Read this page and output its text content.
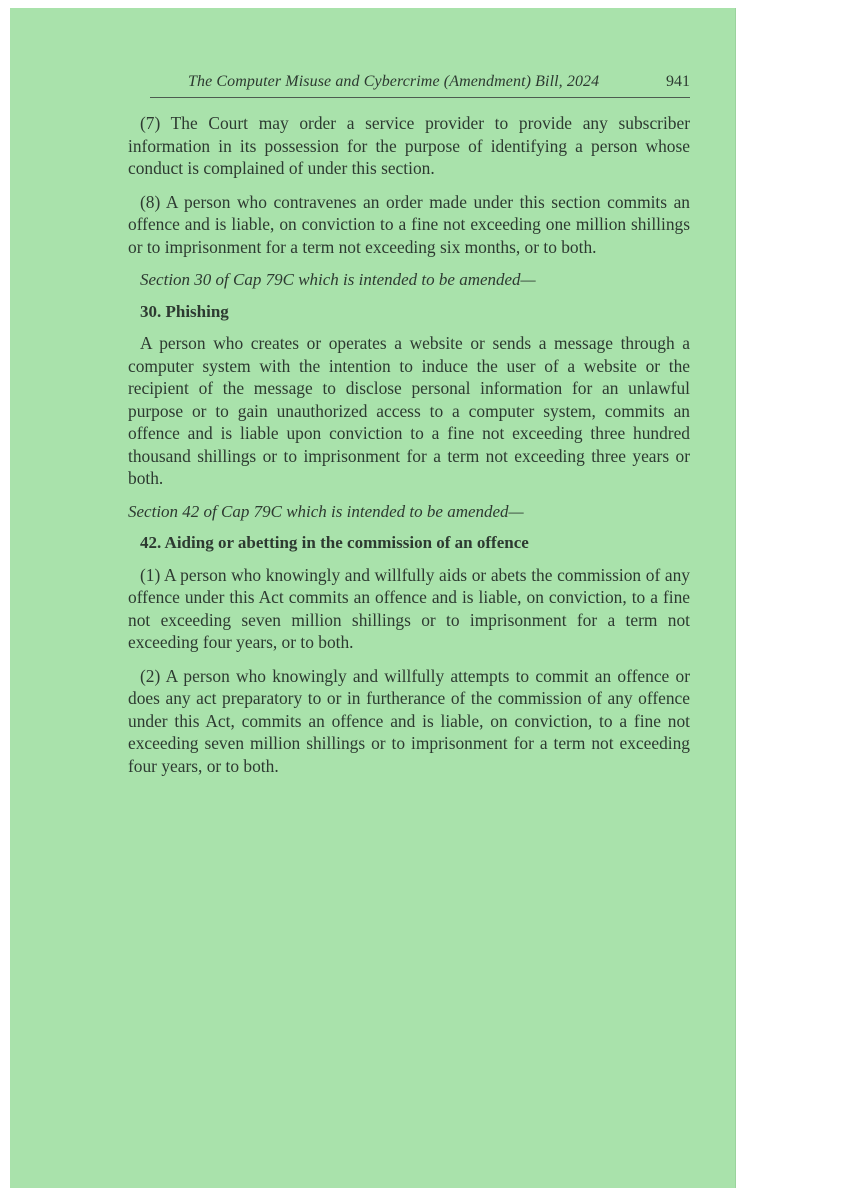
The Computer Misuse and Cybercrime (Amendment) Bill, 2024	941

(7) The Court may order a service provider to provide any subscriber information in its possession for the purpose of identifying a person whose conduct is complained of under this section.

(8) A person who contravenes an order made under this section commits an offence and is liable, on conviction to a fine not exceeding one million shillings or to imprisonment for a term not exceeding six months, or to both.

Section 30 of Cap 79C which is intended to be amended—

30. Phishing

A person who creates or operates a website or sends a message through a computer system with the intention to induce the user of a website or the recipient of the message to disclose personal information for an unlawful purpose or to gain unauthorized access to a computer system, commits an offence and is liable upon conviction to a fine not exceeding three hundred thousand shillings or to imprisonment for a term not exceeding three years or both.

Section 42 of Cap 79C which is intended to be amended—

42. Aiding or abetting in the commission of an offence

(1) A person who knowingly and willfully aids or abets the commission of any offence under this Act commits an offence and is liable, on conviction, to a fine not exceeding seven million shillings or to imprisonment for a term not exceeding four years, or to both.

(2) A person who knowingly and willfully attempts to commit an offence or does any act preparatory to or in furtherance of the commission of any offence under this Act, commits an offence and is liable, on conviction, to a fine not exceeding seven million shillings or to imprisonment for a term not exceeding four years, or to both.
